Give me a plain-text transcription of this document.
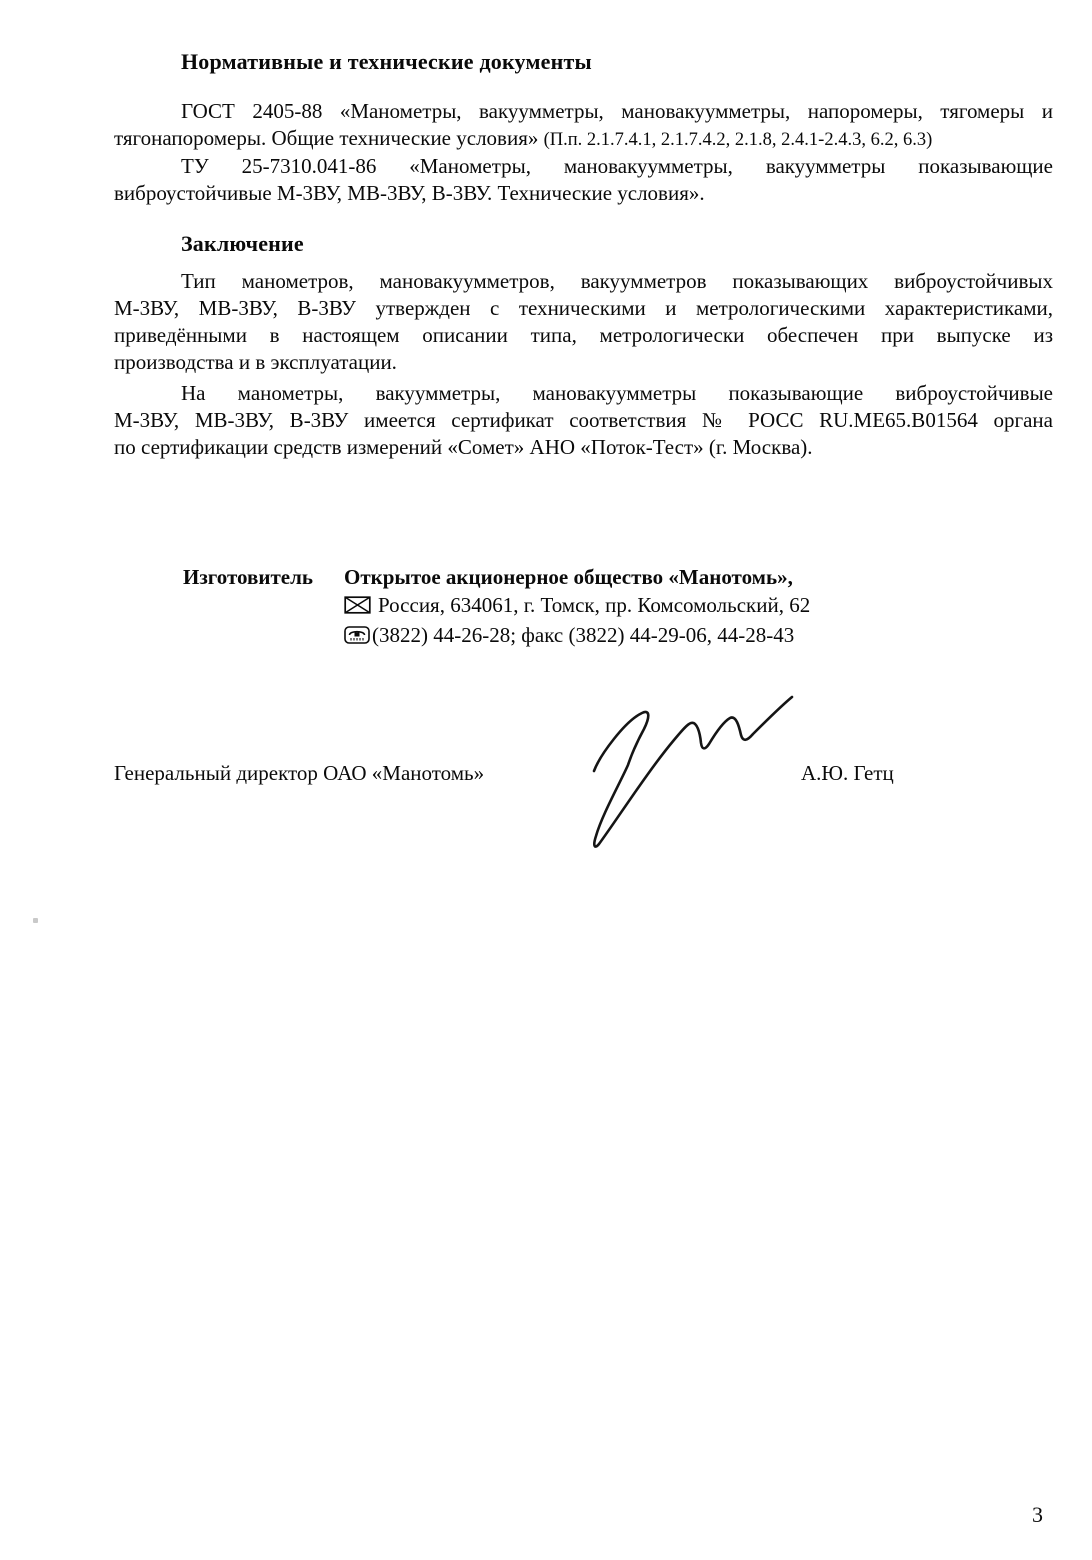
Нормативные и технические документы
ГОСТ 2405-88 «Манометры, вакуумметры, мановакуумметры, напоромеры, тягомеры и
тягонапоромеры. Общие технические условия» (П.п. 2.1.7.4.1, 2.1.7.4.2, 2.1.8, 2.4.1-2.4.3, 6.2, 6.3)
ТУ 25-7310.041-86 «Манометры, мановакуумметры, вакуумметры показывающие
виброустойчивые М-3ВУ, МВ-3ВУ, В-3ВУ. Технические условия».
Заключение
Тип манометров, мановакуумметров, вакуумметров показывающих виброустойчивых
М-3ВУ, МВ-3ВУ, В-3ВУ утвержден с техническими и метрологическими характеристиками,
приведёнными в настоящем описании типа, метрологически обеспечен при выпуске из
производства и в эксплуатации.
На манометры, вакуумметры, мановакуумметры показывающие виброустойчивые
М-3ВУ, МВ-3ВУ, В-3ВУ имеется сертификат соответствия № РОСС RU.ME65.B01564 органа
по сертификации средств измерений «Сомет» АНО «Поток-Тест» (г. Москва).
Изготовитель Открытое акционерное общество «Манотомь»,
Россия, 634061, г. Томск, пр. Комсомольский, 62
(3822) 44-26-28; факс (3822) 44-29-06, 44-28-43
Генеральный директор ОАО «Манотомь»	А.Ю. Гетц
3
